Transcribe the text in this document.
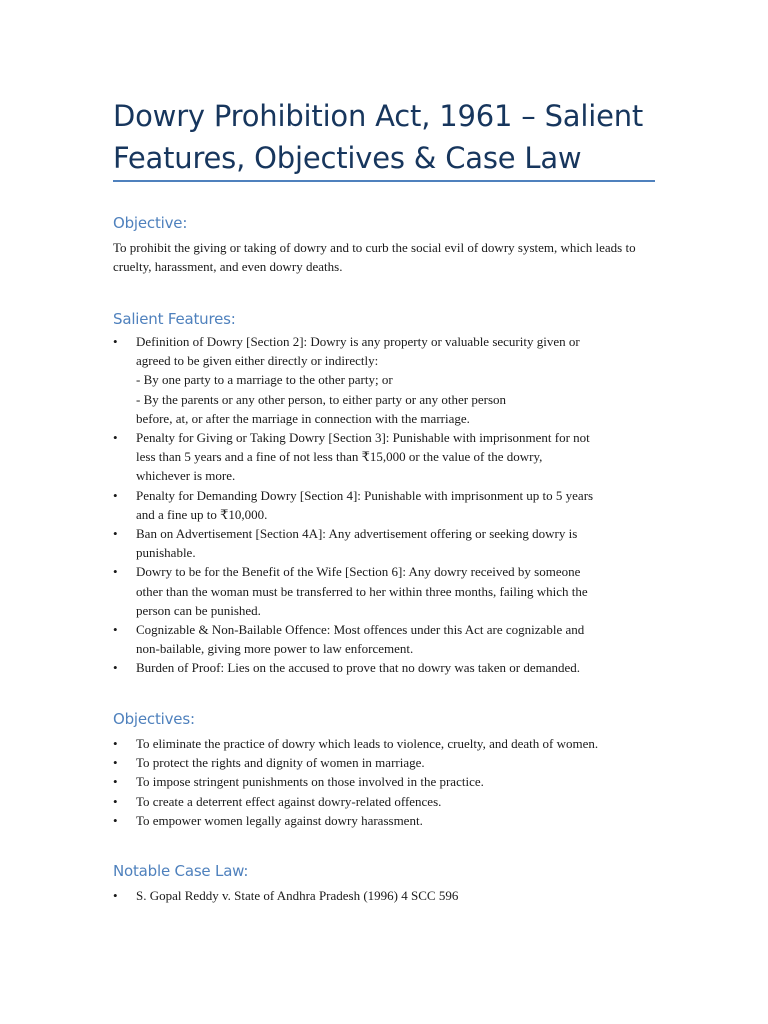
Dowry Prohibition Act, 1961 – Salient Features, Objectives & Case Law
Objective:

To prohibit the giving or taking of dowry and to curb the social evil of dowry system, which leads to cruelty, harassment, and even dowry deaths.

Salient Features:
• Definition of Dowry [Section 2]: Dowry is any property or valuable security given or
agreed to be given either directly or indirectly:
- By one party to a marriage to the other party; or
- By the parents or any other person, to either party or any other person
before, at, or after the marriage in connection with the marriage.
• Penalty for Giving or Taking Dowry [Section 3]: Punishable with imprisonment for not
less than 5 years and a fine of not less than ₹15,000 or the value of the dowry,
whichever is more.
• Penalty for Demanding Dowry [Section 4]: Punishable with imprisonment up to 5 years
and a fine up to ₹10,000.
• Ban on Advertisement [Section 4A]: Any advertisement offering or seeking dowry is
punishable.
• Dowry to be for the Benefit of the Wife [Section 6]: Any dowry received by someone
other than the woman must be transferred to her within three months, failing which the
person can be punished.
• Cognizable & Non-Bailable Offence: Most offences under this Act are cognizable and
non-bailable, giving more power to law enforcement.
• Burden of Proof: Lies on the accused to prove that no dowry was taken or demanded.
Objectives:
• To eliminate the practice of dowry which leads to violence, cruelty, and death of women.
• To protect the rights and dignity of women in marriage.
• To impose stringent punishments on those involved in the practice.
• To create a deterrent effect against dowry-related offences.
• To empower women legally against dowry harassment.
Notable Case Law:
• S. Gopal Reddy v. State of Andhra Pradesh (1996) 4 SCC 596
